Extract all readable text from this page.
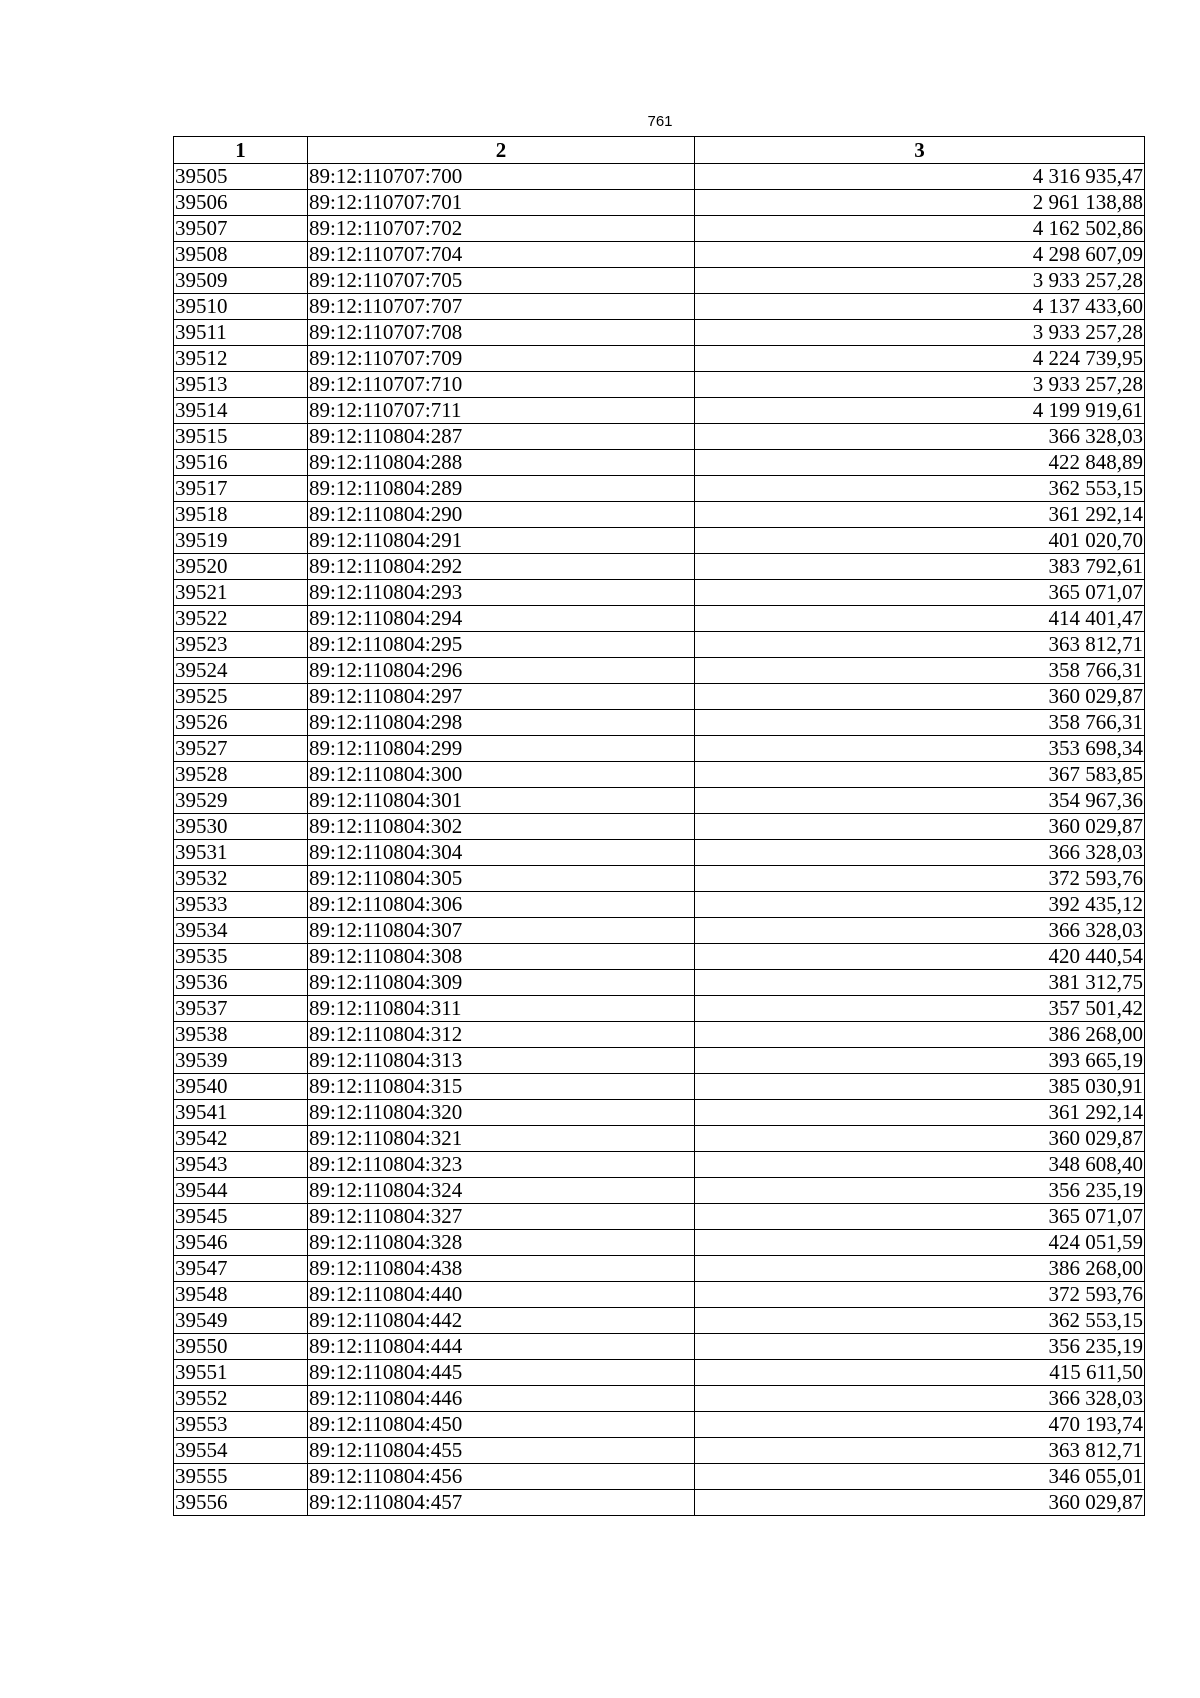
761
1	2	3
39505	89:12:110707:700	4 316 935,47
39506	89:12:110707:701	2 961 138,88
39507	89:12:110707:702	4 162 502,86
39508	89:12:110707:704	4 298 607,09
39509	89:12:110707:705	3 933 257,28
39510	89:12:110707:707	4 137 433,60
39511	89:12:110707:708	3 933 257,28
39512	89:12:110707:709	4 224 739,95
39513	89:12:110707:710	3 933 257,28
39514	89:12:110707:711	4 199 919,61
39515	89:12:110804:287	366 328,03
39516	89:12:110804:288	422 848,89
39517	89:12:110804:289	362 553,15
39518	89:12:110804:290	361 292,14
39519	89:12:110804:291	401 020,70
39520	89:12:110804:292	383 792,61
39521	89:12:110804:293	365 071,07
39522	89:12:110804:294	414 401,47
39523	89:12:110804:295	363 812,71
39524	89:12:110804:296	358 766,31
39525	89:12:110804:297	360 029,87
39526	89:12:110804:298	358 766,31
39527	89:12:110804:299	353 698,34
39528	89:12:110804:300	367 583,85
39529	89:12:110804:301	354 967,36
39530	89:12:110804:302	360 029,87
39531	89:12:110804:304	366 328,03
39532	89:12:110804:305	372 593,76
39533	89:12:110804:306	392 435,12
39534	89:12:110804:307	366 328,03
39535	89:12:110804:308	420 440,54
39536	89:12:110804:309	381 312,75
39537	89:12:110804:311	357 501,42
39538	89:12:110804:312	386 268,00
39539	89:12:110804:313	393 665,19
39540	89:12:110804:315	385 030,91
39541	89:12:110804:320	361 292,14
39542	89:12:110804:321	360 029,87
39543	89:12:110804:323	348 608,40
39544	89:12:110804:324	356 235,19
39545	89:12:110804:327	365 071,07
39546	89:12:110804:328	424 051,59
39547	89:12:110804:438	386 268,00
39548	89:12:110804:440	372 593,76
39549	89:12:110804:442	362 553,15
39550	89:12:110804:444	356 235,19
39551	89:12:110804:445	415 611,50
39552	89:12:110804:446	366 328,03
39553	89:12:110804:450	470 193,74
39554	89:12:110804:455	363 812,71
39555	89:12:110804:456	346 055,01
39556	89:12:110804:457	360 029,87
